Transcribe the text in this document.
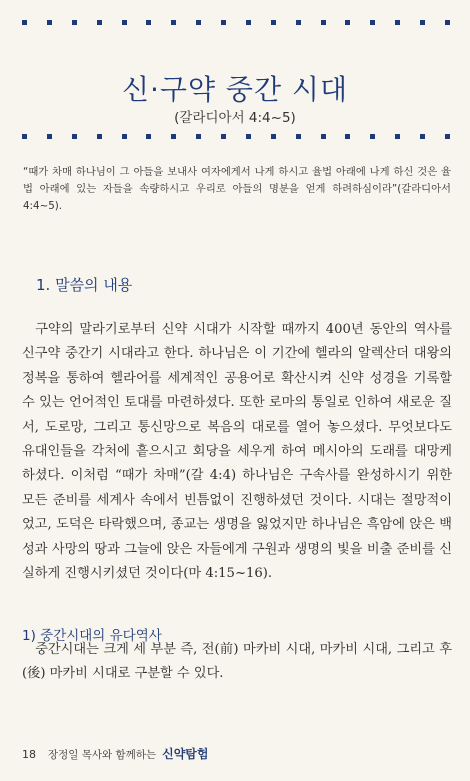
신·구약 중간 시대
(갈라디아서 4:4~5)
“때가 차매 하나님이 그 아들을 보내사 여자에게서 나게 하시고 율법 아래에 나게 하신 것은 율법 아래에 있는 자들을 속량하시고 우리로 아들의 명분을 얻게 하려하심이라”(갈라디아서 4:4~5).
1. 말씀의 내용
구약의 말라기로부터 신약 시대가 시작할 때까지 400년 동안의 역사를 신구약 중간기 시대라고 한다. 하나님은 이 기간에 헬라의 알렉산더 대왕의 정복을 통하여 헬라어를 세계적인 공용어로 확산시켜 신약 성경을 기록할 수 있는 언어적인 토대를 마련하셨다. 또한 로마의 통일로 인하여 새로운 질서, 도로망, 그리고 통신망으로 복음의 대로를 열어 놓으셨다. 무엇보다도 유대인들을 각처에 흩으시고 회당을 세우게 하여 메시아의 도래를 대망케 하셨다. 이처럼 “때가 차매”(갈 4:4) 하나님은 구속사를 완성하시기 위한 모든 준비를 세계사 속에서 빈틈없이 진행하셨던 것이다. 시대는 절망적이었고, 도덕은 타락했으며, 종교는 생명을 잃었지만 하나님은 흑암에 앉은 백성과 사망의 땅과 그늘에 앉은 자들에게 구원과 생명의 빛을 비출 준비를 신실하게 진행시키셨던 것이다(마 4:15~16).
1) 중간시대의 유다역사
중간시대는 크게 세 부분 즉, 전(前) 마카비 시대, 마카비 시대, 그리고 후(後) 마카비 시대로 구분할 수 있다.
18 장정일 목사와 함께하는 신약탐험
